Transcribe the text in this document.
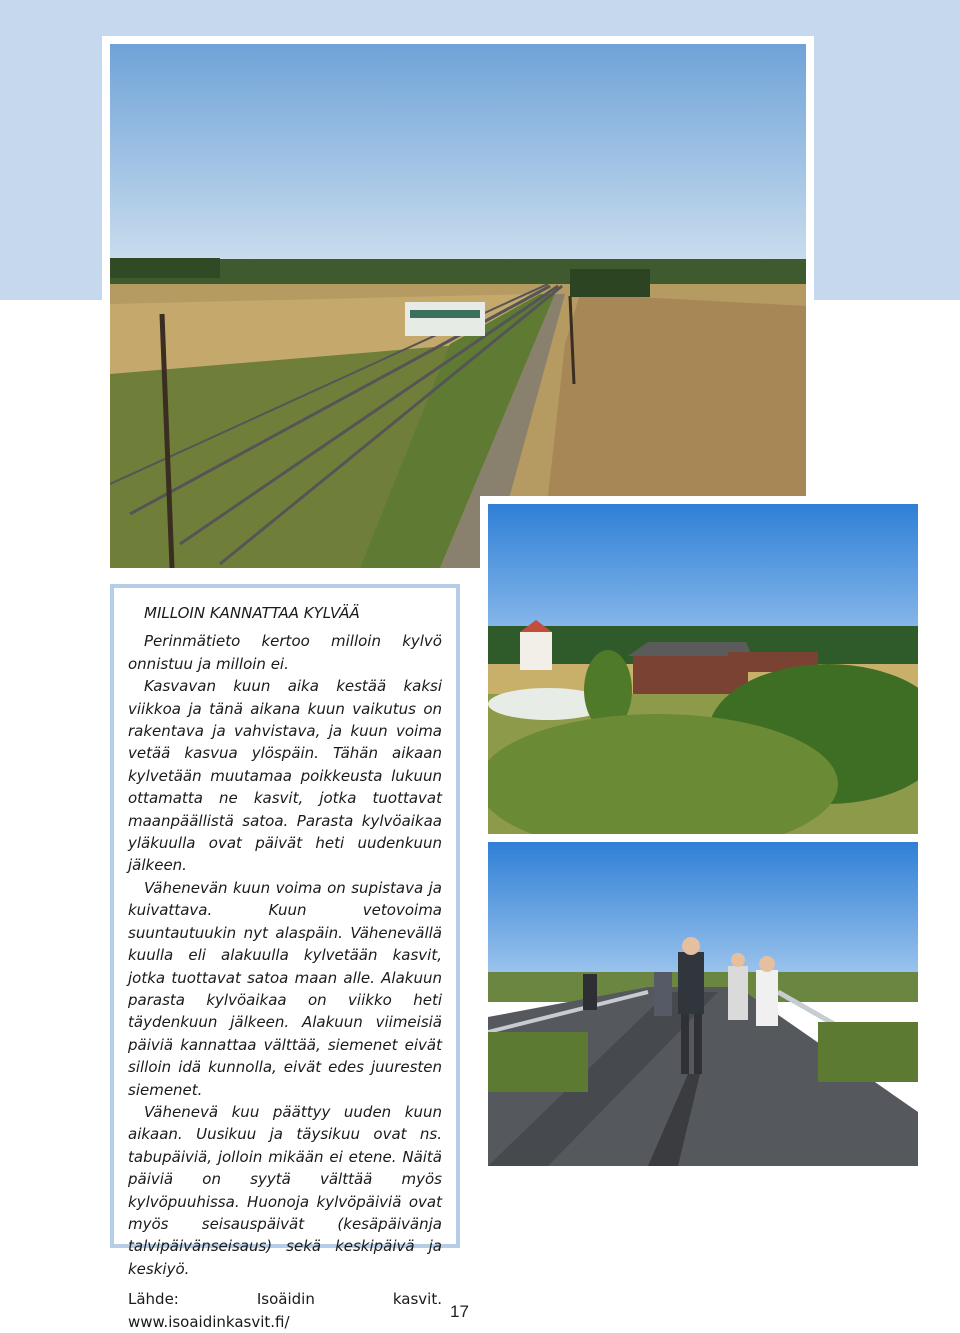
MILLOIN KANNATTAA KYLVÄÄ

Perinmätieto kertoo milloin kylvö onnistuu ja milloin ei.

Kasvavan kuun aika kestää kaksi viikkoa ja tänä aikana kuun vaikutus on rakentava ja vahvistava, ja kuun voima vetää kasvua ylöspäin. Tähän aikaan kylvetään muutamaa poikkeusta lukuun ottamatta ne kasvit, jotka tuottavat maanpäällistä satoa. Parasta kylvöaikaa yläkuulla ovat päivät heti uudenkuun jälkeen.

Vähenevän kuun voima on supistava ja kuivattava. Kuun vetovoima suuntautuukin nyt alaspäin. Vähenevällä kuulla eli alakuulla kylvetään kasvit, jotka tuottavat satoa maan alle. Alakuun parasta kylvöaikaa on viikko heti täydenkuun jälkeen. Alakuun viimeisiä päiviä kannattaa välttää, siemenet eivät silloin idä kunnolla, eivät edes juuresten siemenet.

Vähenevä kuu päättyy uuden kuun aikaan. Uusikuu ja täysikuu ovat ns. tabupäiviä, jolloin mikään ei etene. Näitä päiviä on syytä välttää myös kylvöpuuhissa. Huonoja kylvöpäiviä ovat myös seisauspäivät (kesäpäivänja talvipäivänseisaus) sekä keskipäivä ja keskiyö.

Lähde: Isoäidin kasvit. www.isoaidinkasvit.fi/

17
